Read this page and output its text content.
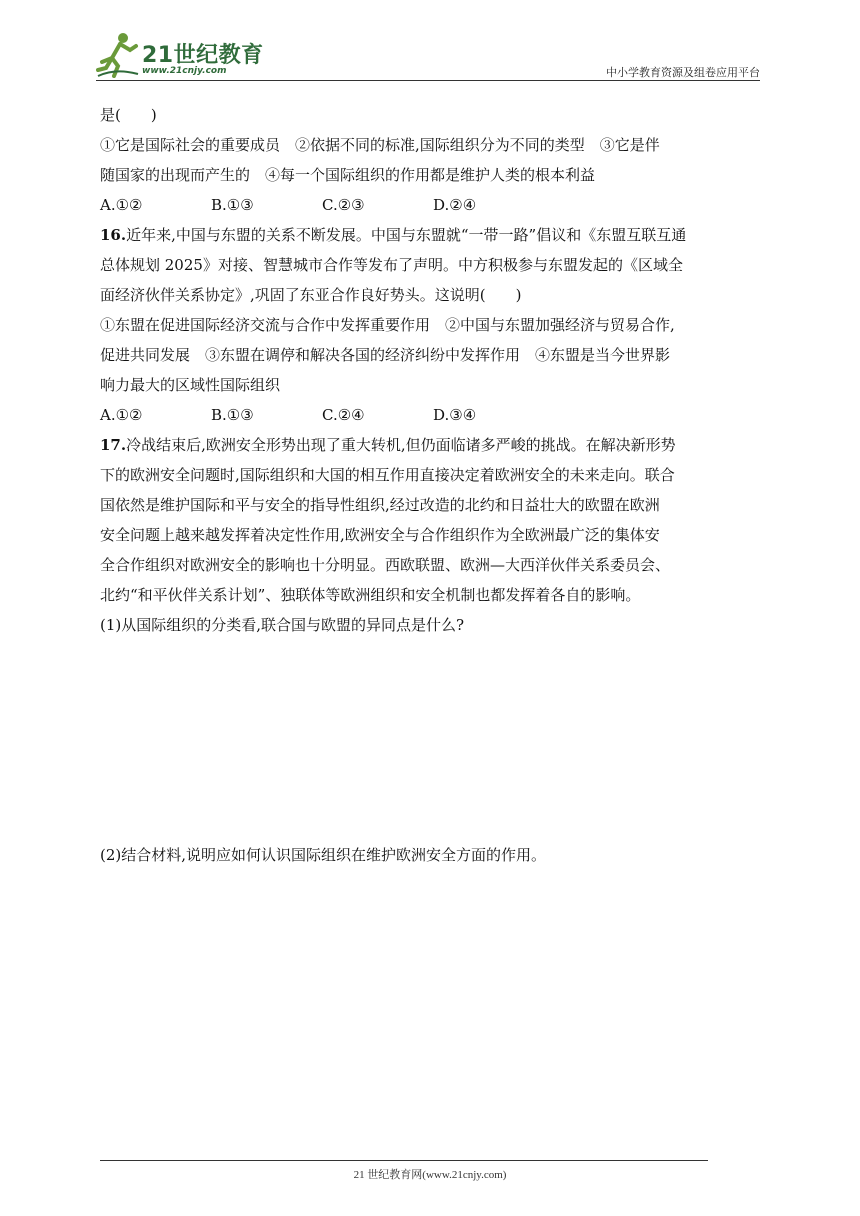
21世纪教育
www.21cnjy.com	中小学教育资源及组卷应用平台
是(　　)
①它是国际社会的重要成员　②依据不同的标准,国际组织分为不同的类型　③它是伴
随国家的出现而产生的　④每一个国际组织的作用都是维护人类的根本利益
A.①②	B.①③	C.②③	D.②④
16.近年来,中国与东盟的关系不断发展。中国与东盟就“一带一路”倡议和《东盟互联互通
总体规划 2025》对接、智慧城市合作等发布了声明。中方积极参与东盟发起的《区域全
面经济伙伴关系协定》,巩固了东亚合作良好势头。这说明(　　)
①东盟在促进国际经济交流与合作中发挥重要作用　②中国与东盟加强经济与贸易合作,
促进共同发展　③东盟在调停和解决各国的经济纠纷中发挥作用　④东盟是当今世界影
响力最大的区域性国际组织
A.①②	B.①③	C.②④	D.③④
17.冷战结束后,欧洲安全形势出现了重大转机,但仍面临诸多严峻的挑战。在解决新形势
下的欧洲安全问题时,国际组织和大国的相互作用直接决定着欧洲安全的未来走向。联合
国依然是维护国际和平与安全的指导性组织,经过改造的北约和日益壮大的欧盟在欧洲
安全问题上越来越发挥着决定性作用,欧洲安全与合作组织作为全欧洲最广泛的集体安
全合作组织对欧洲安全的影响也十分明显。西欧联盟、欧洲—大西洋伙伴关系委员会、
北约“和平伙伴关系计划”、独联体等欧洲组织和安全机制也都发挥着各自的影响。
(1)从国际组织的分类看,联合国与欧盟的异同点是什么?
(2)结合材料,说明应如何认识国际组织在维护欧洲安全方面的作用。
21 世纪教育网(www.21cnjy.com)
